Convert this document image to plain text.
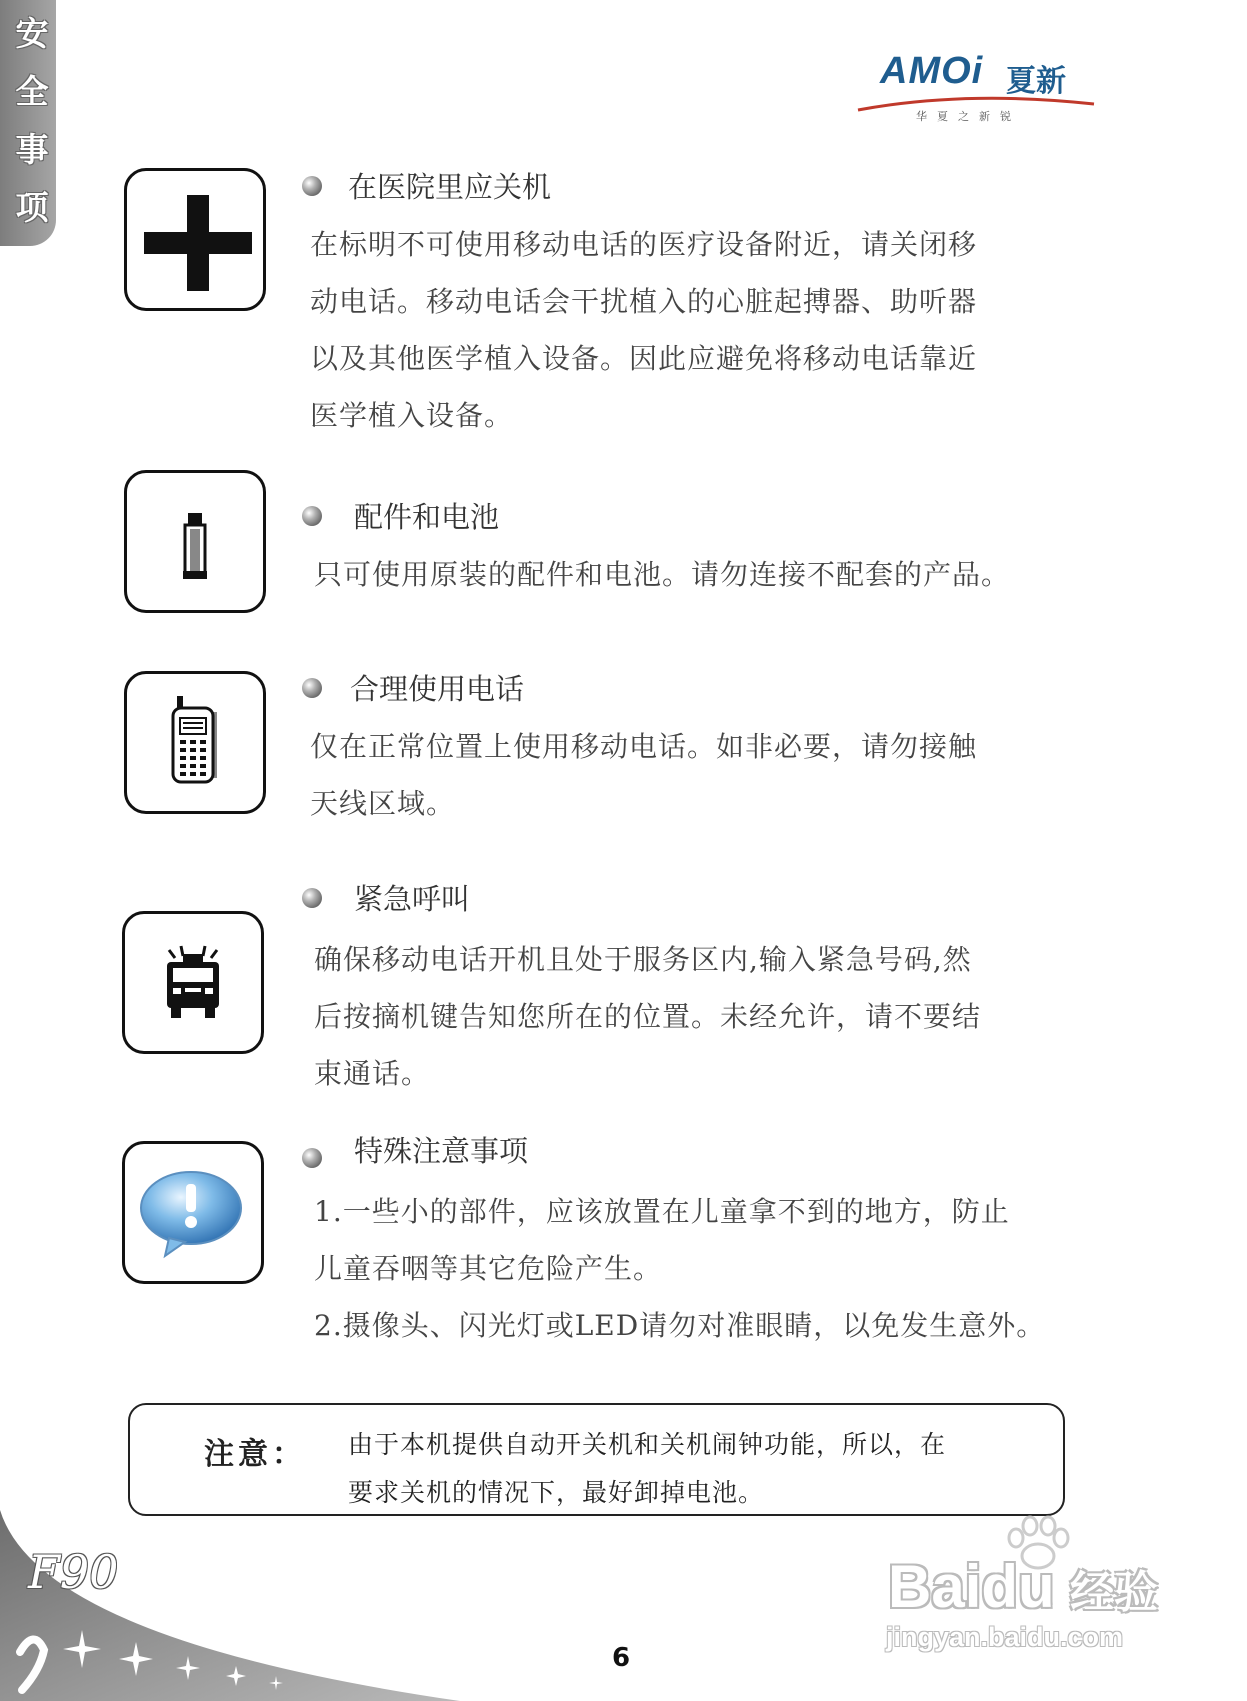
安
全
事
项
AMOi 夏新
华夏之新锐
在医院里应关机
在标明不可使用移动电话的医疗设备附近，请关闭移
动电话。移动电话会干扰植入的心脏起搏器、助听器
以及其他医学植入设备。因此应避免将移动电话靠近
医学植入设备。
配件和电池
只可使用原装的配件和电池。请勿连接不配套的产品。
合理使用电话
仅在正常位置上使用移动电话。如非必要，请勿接触
天线区域。
紧急呼叫
确保移动电话开机且处于服务区内,输入紧急号码,然
后按摘机键告知您所在的位置。未经允许，请不要结
束通话。
特殊注意事项
1.一些小的部件，应该放置在儿童拿不到的地方，防止
儿童吞咽等其它危险产生。
2.摄像头、闪光灯或LED请勿对准眼睛，以免发生意外。
注意： 由于本机提供自动开关机和关机闹钟功能，所以，在
要求关机的情况下，最好卸掉电池。
F90
6
Baidu 经验
jingyan.baidu.com
